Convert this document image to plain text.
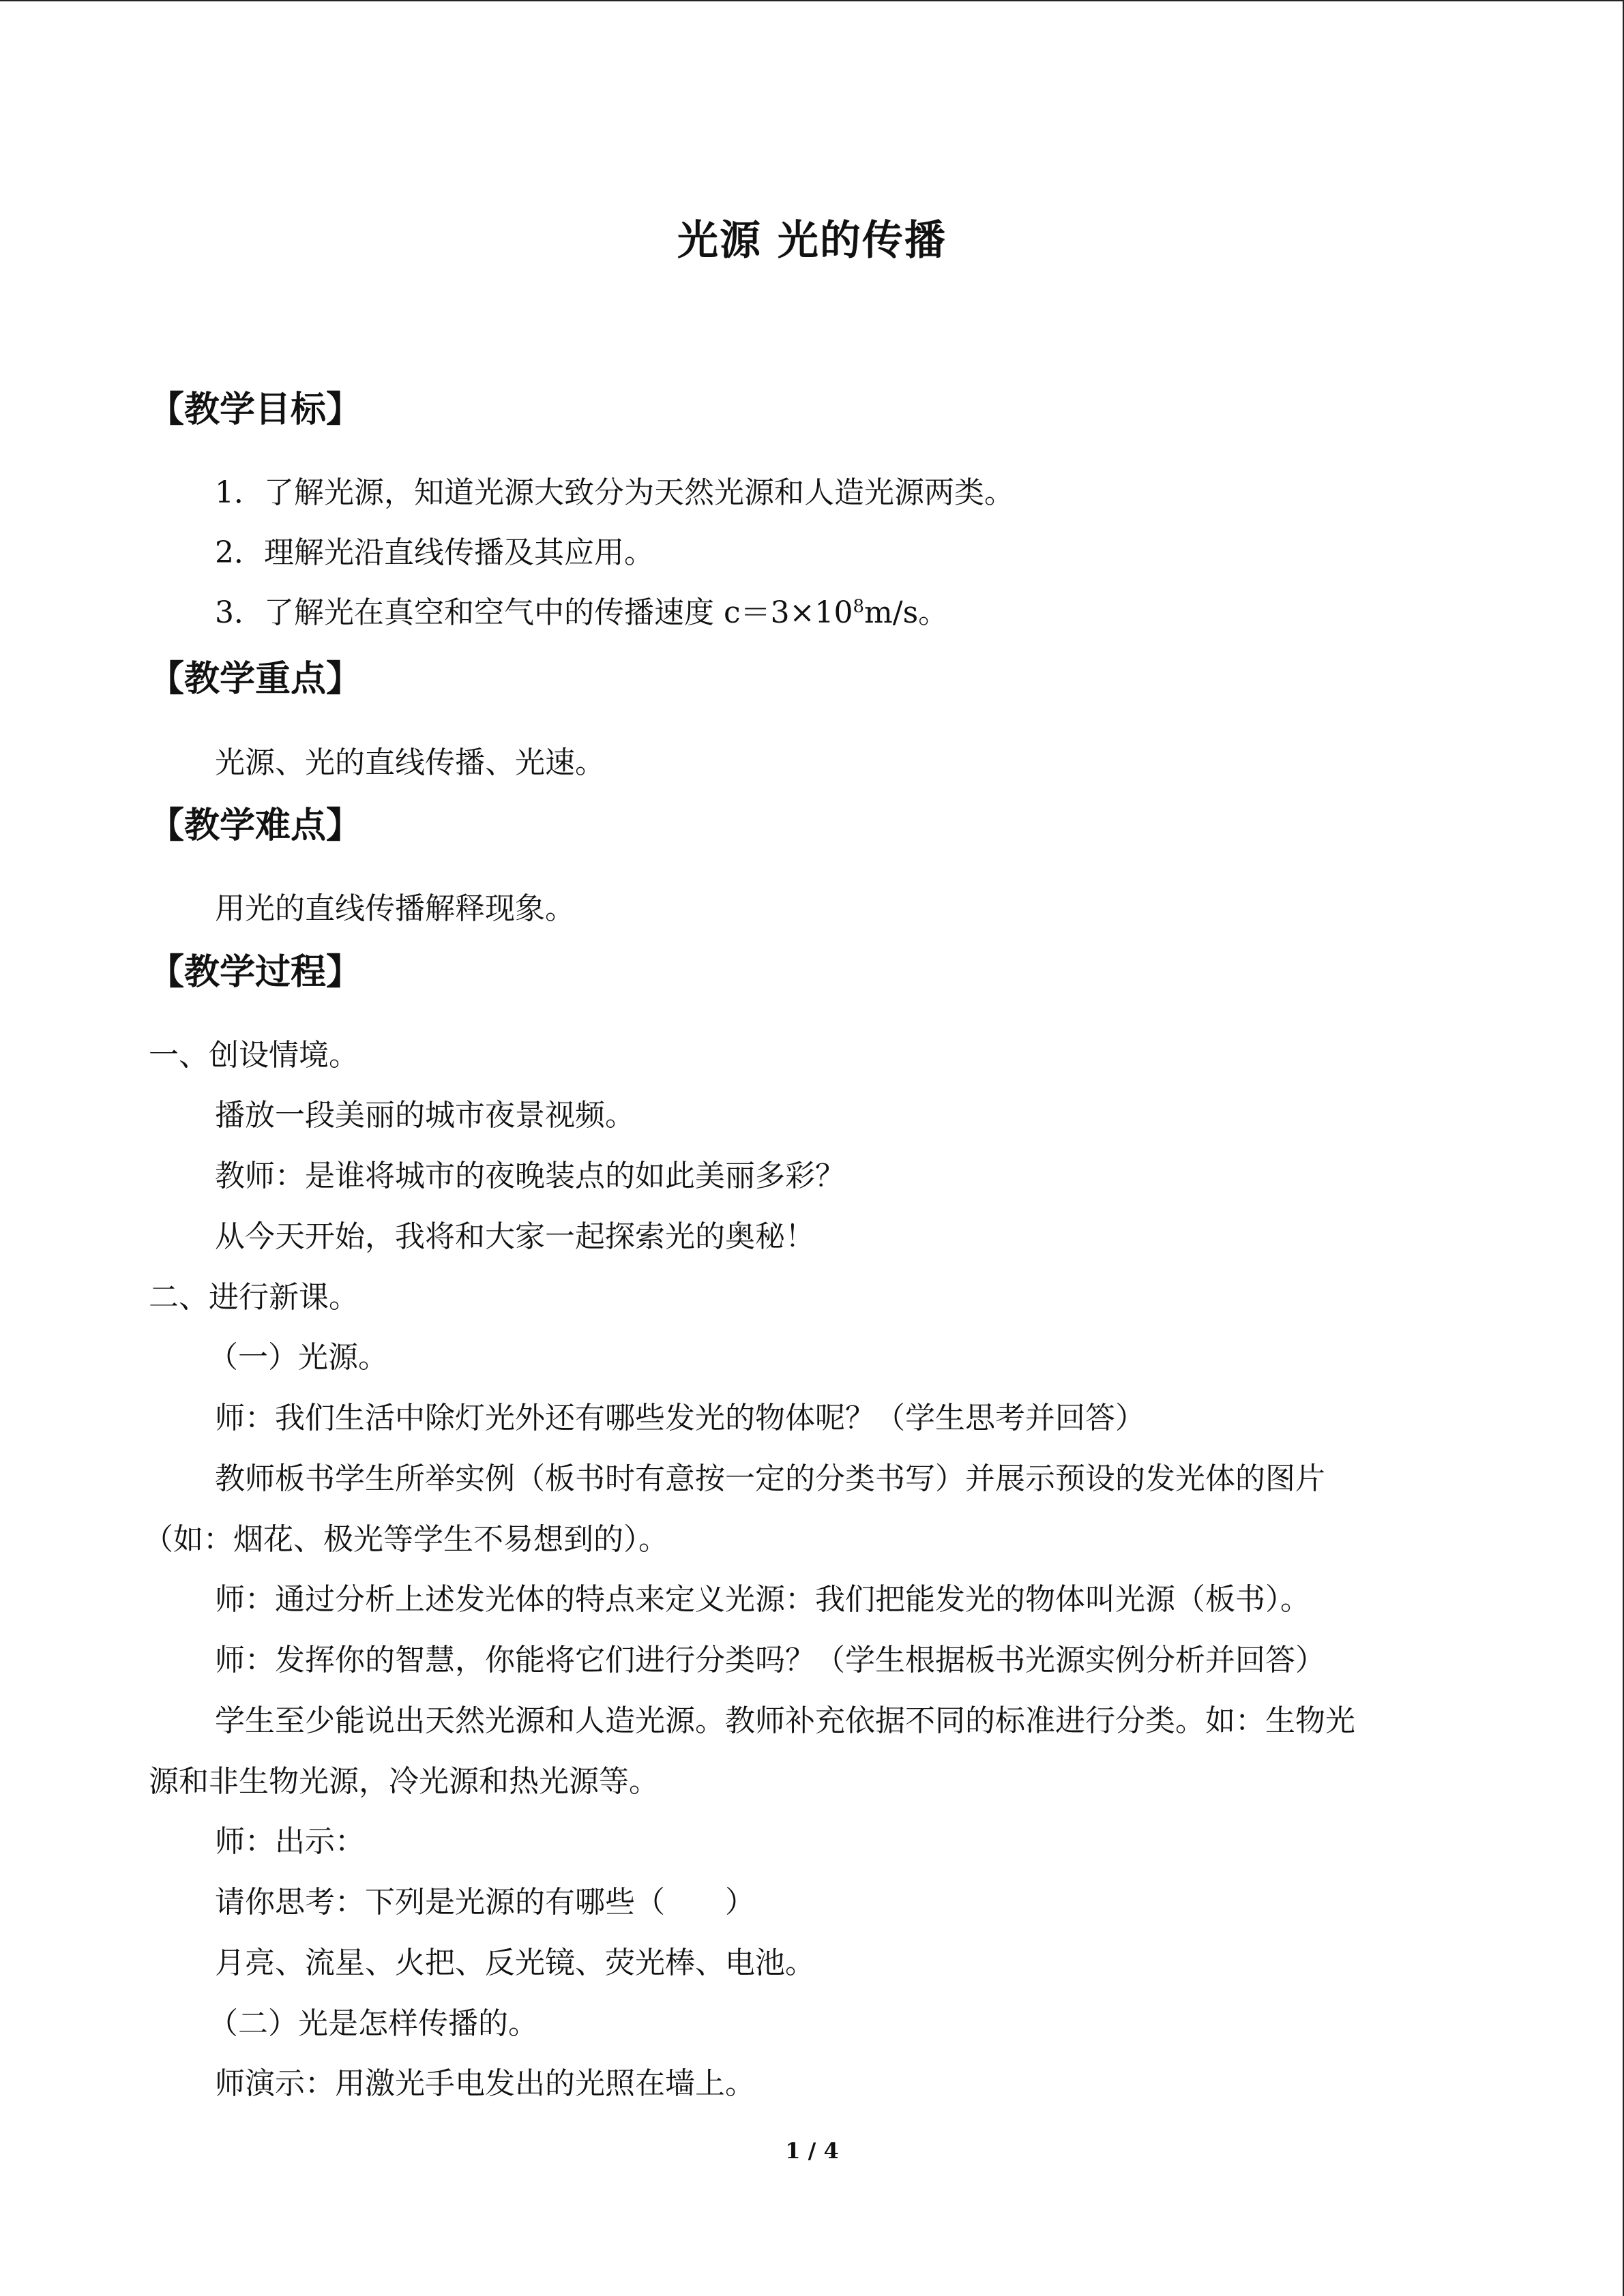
光源 光的传播
【教学目标】
1．了解光源，知道光源大致分为天然光源和人造光源两类。
2．理解光沿直线传播及其应用。
3．了解光在真空和空气中的传播速度 $c=3\times 10^8m/s$。
【教学重点】
光源、光的直线传播、光速。
【教学难点】
用光的直线传播解释现象。
【教学过程】
一、创设情境。
播放一段美丽的城市夜景视频。
教师：是谁将城市的夜晚装点的如此美丽多彩？
从今天开始，我将和大家一起探索光的奥秘！
二、进行新课。
（一）光源。
师：我们生活中除灯光外还有哪些发光的物体呢？（学生思考并回答）
教师板书学生所举实例（板书时有意按一定的分类书写）并展示预设的发光体的图片
（如：烟花、极光等学生不易想到的）。
师：通过分析上述发光体的特点来定义光源：我们把能发光的物体叫光源（板书）。
师：发挥你的智慧，你能将它们进行分类吗？（学生根据板书光源实例分析并回答）
学生至少能说出天然光源和人造光源。教师补充依据不同的标准进行分类。如：生物光
源和非生物光源，冷光源和热光源等。
师：出示：
请你思考：下列是光源的有哪些（　　）
月亮、流星、火把、反光镜、荧光棒、电池。
（二）光是怎样传播的。
师演示：用激光手电发出的光照在墙上。
1 / 4
